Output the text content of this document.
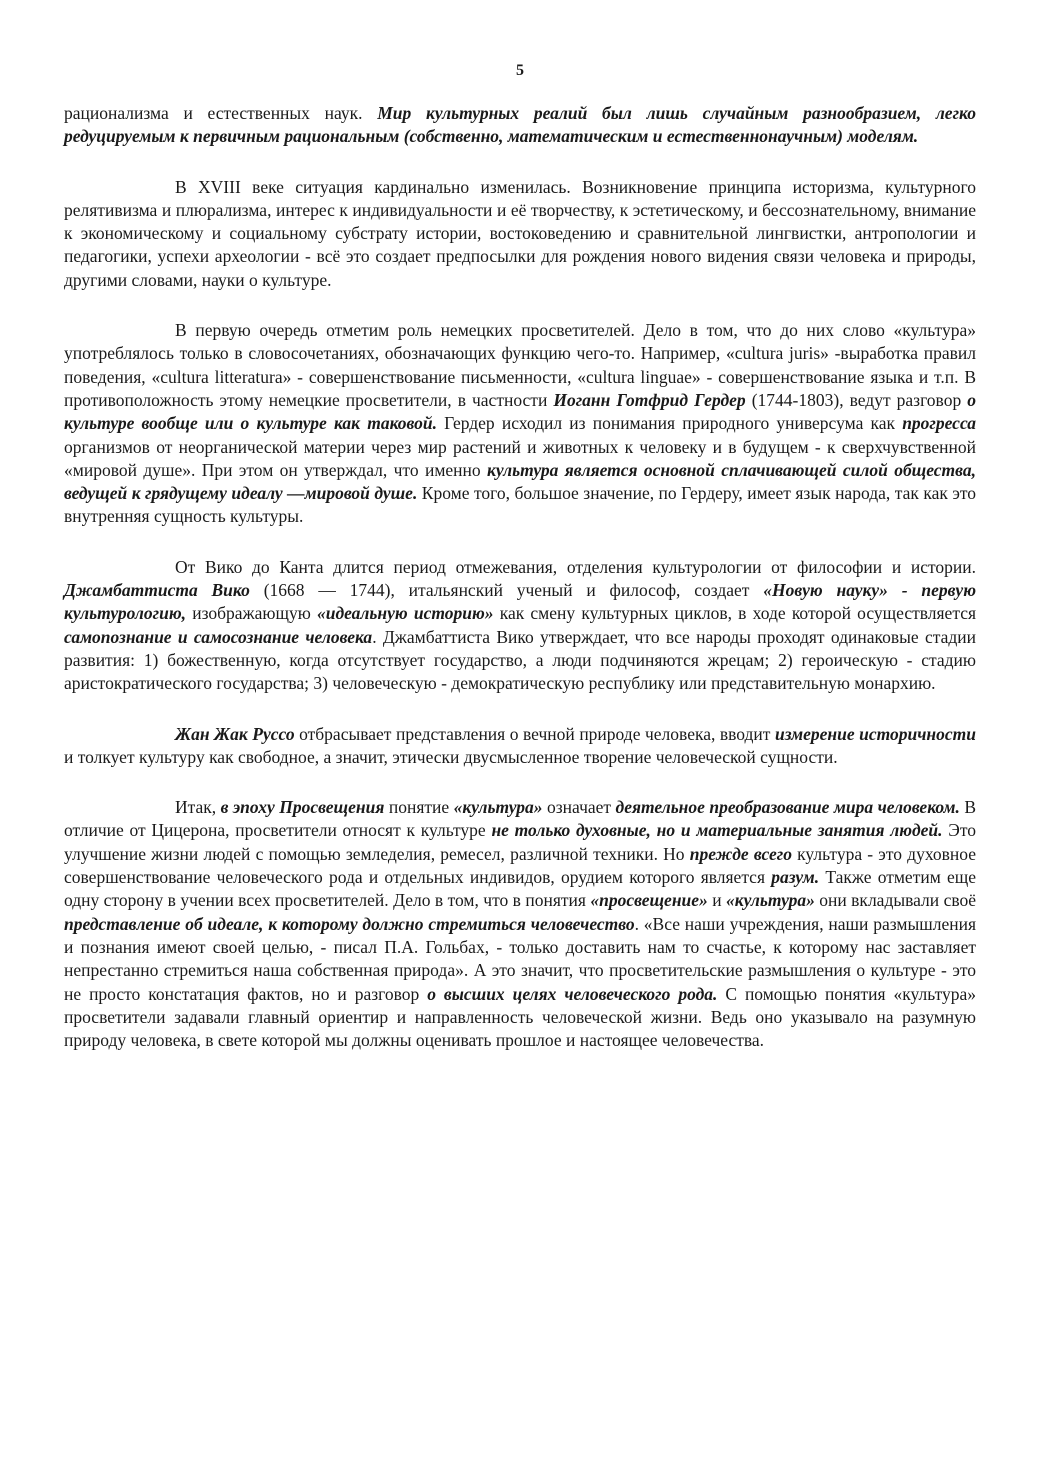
5

рационализма и естественных наук. Мир культурных реалий был лишь случайным разнообразием, легко редуцируемым к первичным рациональным (собственно, математическим и естественнонаучным) моделям.

В XVIII веке ситуация кардинально изменилась. Возникновение принципа историзма, культурного релятивизма и плюрализма, интерес к индивидуальности и её творчеству, к эстетическому, и бессознательному, внимание к экономическому и социальному субстрату истории, востоковедению и сравнительной лингвистки, антропологии и педагогики, успехи археологии - всё это создает предпосылки для рождения нового видения связи человека и природы, другими словами, науки о культуре.

В первую очередь отметим роль немецких просветителей. Дело в том, что до них слово «культура» употреблялось только в словосочетаниях, обозначающих функцию чего-то. Например, «cultura juris» -выработка правил поведения, «cultura litteratura» - совершенствование письменности, «cultura linguae» - совершенствование языка и т.п. В противоположность этому немецкие просветители, в частности Иоганн Готфрид Гердер (1744-1803), ведут разговор о культуре вообще или о культуре как таковой. Гердер исходил из понимания природного универсума как прогресса организмов от неорганической материи через мир растений и животных к человеку и в будущем - к сверхчувственной «мировой душе». При этом он утверждал, что именно культура является основной сплачивающей силой общества, ведущей к грядущему идеалу —мировой душе. Кроме того, большое значение, по Гердеру, имеет язык народа, так как это внутренняя сущность культуры.

От Вико до Канта длится период отмежевания, отделения культурологии от философии и истории. Джамбаттиста Вико (1668 — 1744), итальянский ученый и философ, создает «Новую науку» - первую культурологию, изображающую «идеальную историю» как смену культурных циклов, в ходе которой осуществляется самопознание и самосознание человека. Джамбаттиста Вико утверждает, что все народы проходят одинаковые стадии развития: 1) божественную, когда отсутствует государство, а люди подчиняются жрецам; 2) героическую - стадию аристократического государства; 3) человеческую - демократическую республику или представительную монархию.

Жан Жак Руссо отбрасывает представления о вечной природе человека, вводит измерение историчности и толкует культуру как свободное, а значит, этически двусмысленное творение человеческой сущности.

Итак, в эпоху Просвещения понятие «культура» означает деятельное преобразование мира человеком. В отличие от Цицерона, просветители относят к культуре не только духовные, но и материальные занятия людей. Это улучшение жизни людей с помощью земледелия, ремесел, различной техники. Но прежде всего культура - это духовное совершенствование человеческого рода и отдельных индивидов, орудием которого является разум. Также отметим еще одну сторону в учении всех просветителей. Дело в том, что в понятия «просвещение» и «культура» они вкладывали своё представление об идеале, к которому должно стремиться человечество. «Все наши учреждения, наши размышления и познания имеют своей целью, - писал П.А. Гольбах, - только доставить нам то счастье, к которому нас заставляет непрестанно стремиться наша собственная природа». А это значит, что просветительские размышления о культуре - это не просто констатация фактов, но и разговор о высших целях человеческого рода. С помощью понятия «культура» просветители задавали главный ориентир и направленность человеческой жизни. Ведь оно указывало на разумную природу человека, в свете которой мы должны оценивать прошлое и настоящее человечества.
